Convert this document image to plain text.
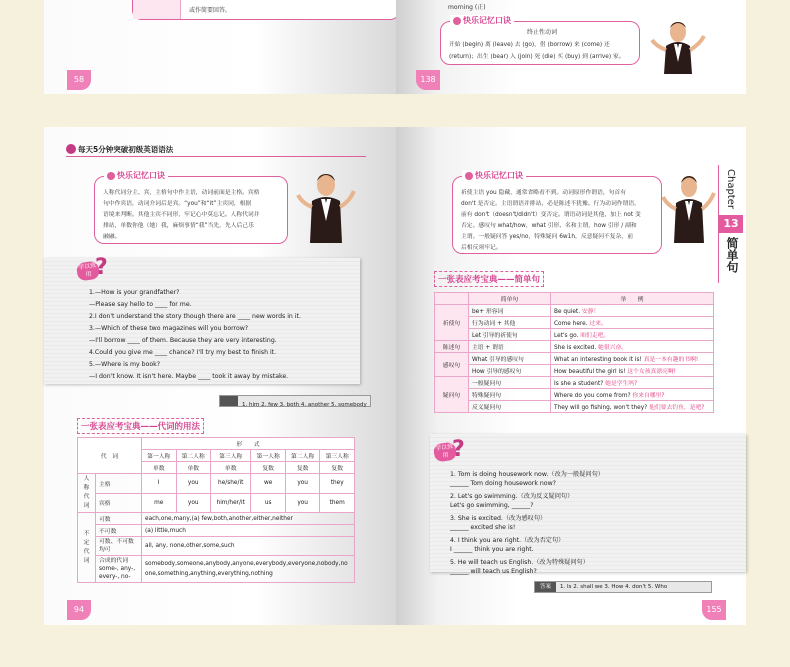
或作简要回答。
58
morning (正)
终止性动词
开始 (begin) 离 (leave) 去 (go)，借 (borrow) 来 (come) 还
(return)；出生 (bear) 入 (join) 死 (die) 买 (buy) 到 (arrive) 家。
快乐记忆口诀
138
每天5分钟突破初级英语语法
人称代词分主、宾，主格句中作主语，动词前面是主格。宾格
句中作宾语，动词介词后是宾。“you”和“it”主宾同，根据
语境来判断。其他主宾不同形，牢记心中莫忘记。人称代词并
排站，单数你他（她）我，麻烦事情“我”当先，先人后己乐
融融。
快乐记忆口诀
学以致用 ?
1.—How is your grandfather?
—Please say hello to ____ for me.
2.I don't understand the story though there are ____ new words in it.
3.—Which of these two magazines will you borrow?
—I'll borrow ____ of them. Because they are very interesting.
4.Could you give me ____ chance? I'll try my best to finish it.
5.—Where is my book?
—I don't know. It isn't here. Maybe ____ took it away by mistake.
1. him 2. few 3. both 4. another 5. somebody
一张表应考宝典——代词的用法
代　词		形　　式					
		第一人称	第二人称	第三人称	第一人称	第二人称	第三人称
		单数	单数	单数	复数	复数	复数
人称代词	主格	I	you	he/she/it	we	you	they
	宾格	me	you	him/her/it	us	you	them
不定代词	可数	each,one,many,(a) few,both,another,either,neither					
	不可数	(a) little,much					
	可数、不可数均可	all, any, none,other,some,such					
	合成的代词 some-, any-, every-, no-	somebody,someone,anybody,anyone,everybody,everyone,nobody,no one,something,anything,everything,nothing					
94
Chapter
13
简单句
祈使主语 you 隐藏，通常省略看不到。动词原形作谓语，句首有
don't 是否定。主语谓语并排站，必是陈述不犹豫。行为动词作谓语，
前有 don't（doesn't/didn't）变否定。谓语动词是其他，加上 not 变
否定。感叹句 what/how，what 引形、名和主谓，how 引形 / 副和
主谓。一般疑问答 yes/no，特殊疑问 6w1h，反意疑问不复杂，前
后相反须牢记。
快乐记忆口诀
一张表应考宝典——简单句
	简单句	举　　例
祈使句	be+ 形容词	Be quiet. 安静！
	行为动词 + 其他	Come here. 过来。
	Let 引导的祈使句	Let's go. 咱们走吧。
陈述句	主语 + 谓语	She is excited. 她很兴奋。
感叹句	What 引导的感叹句	What an interesting book it is! 真是一本有趣的书啊!
	How 引导的感叹句	How beautiful the girl is! 这个女孩真漂亮啊!
疑问句	一般疑问句	Is she a student? 她是学生吗?
	特殊疑问句	Where do you come from? 你来自哪里?
	反义疑问句	They will go fishing, won't they? 他们要去钓鱼，是吧?
学以致用 ?
1. Tom is doing housework now.（改为一般疑问句）
______ Tom doing housework now?
2. Let's go swimming.（改为反义疑问句）
Let's go swimming, ______?
3. She is excited.（改为感叹句）
______ excited she is!
4. I think you are right.（改为否定句）
I ______ think you are right.
5. He will teach us English.（改为特殊疑问句）
______ will teach us English?
答案 1. Is 2. shall we 3. How 4. don't 5. Who
155
